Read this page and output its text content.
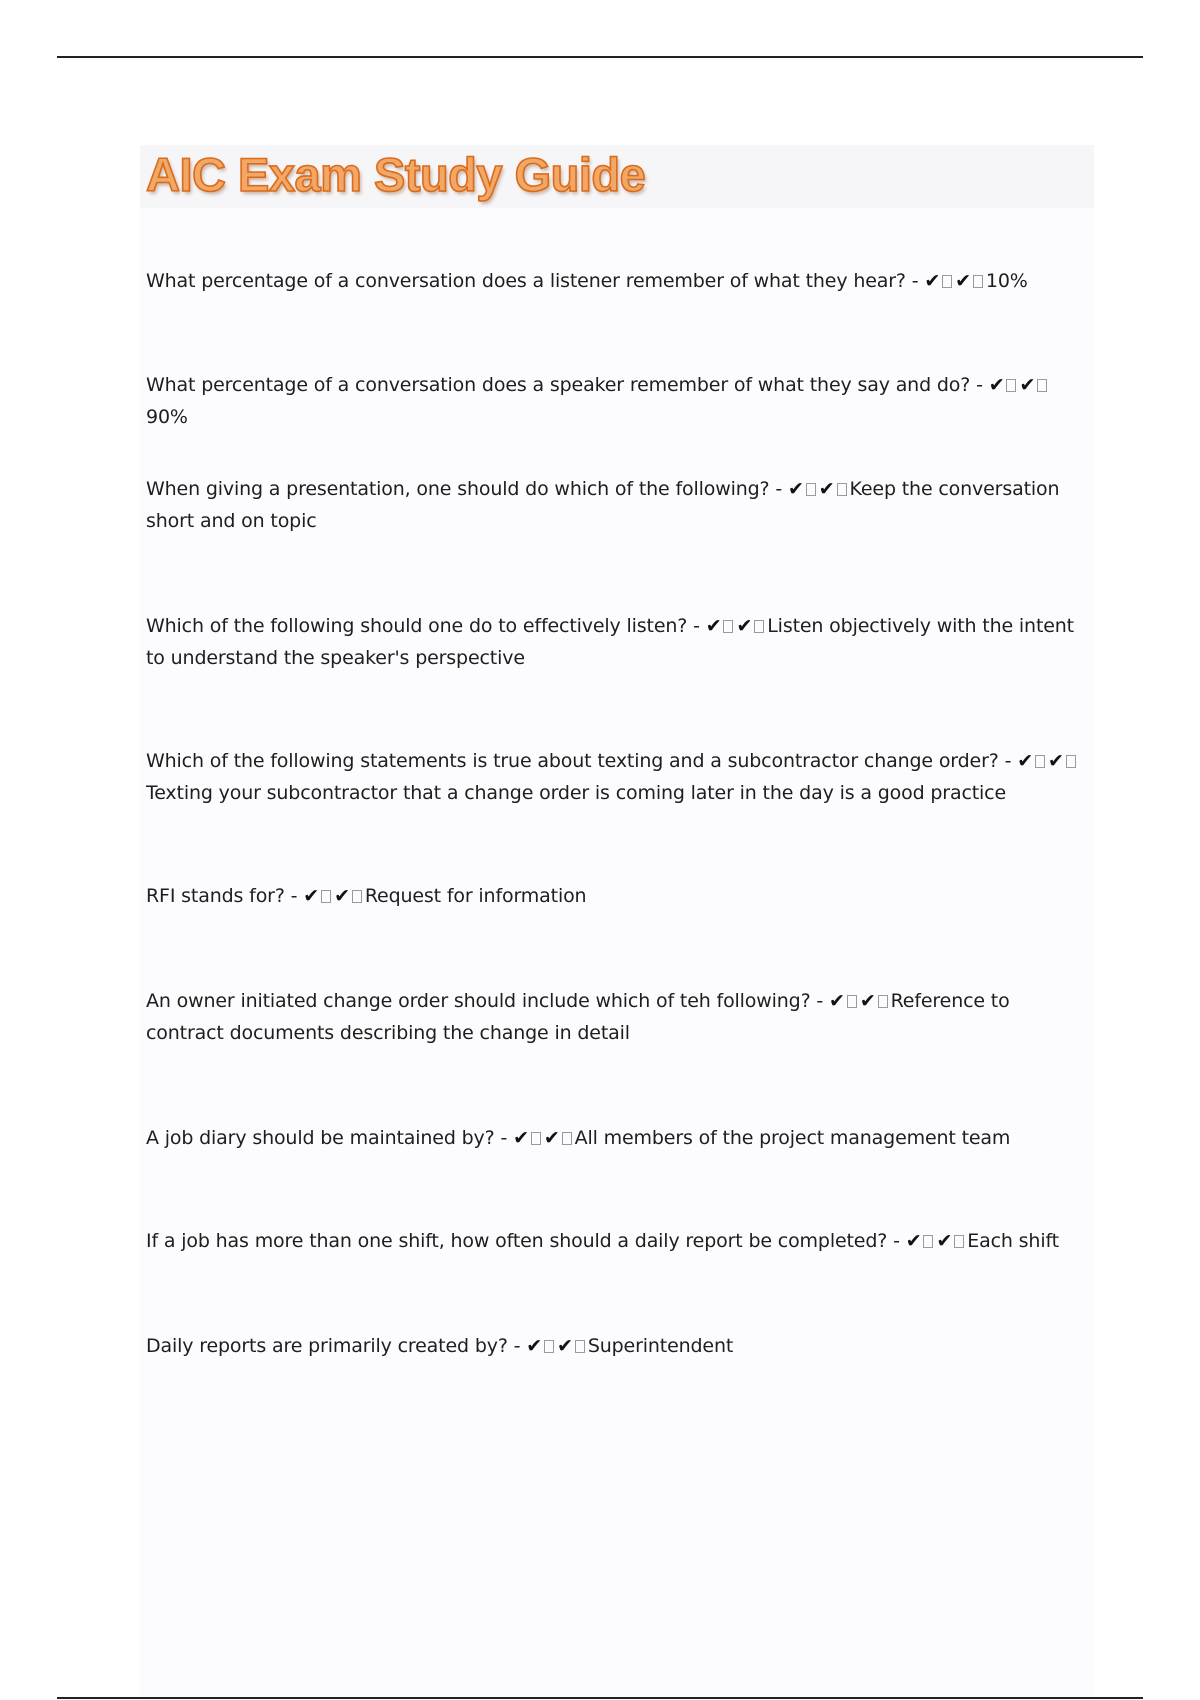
AIC Exam Study Guide

What percentage of a conversation does a listener remember of what they hear? - ✔ ✔ 10%

What percentage of a conversation does a speaker remember of what they say and do? - ✔ ✔90%

When giving a presentation, one should do which of the following? - ✔ ✔ Keep the conversation short and on topic

Which of the following should one do to effectively listen? - ✔ ✔ Listen objectively with the intent to understand the speaker's perspective

Which of the following statements is true about texting and a subcontractor change order? - ✔ ✔Texting your subcontractor that a change order is coming later in the day is a good practice

RFI stands for? - ✔ ✔ Request for information

An owner initiated change order should include which of teh following? - ✔ ✔ Reference to contract documents describing the change in detail

A job diary should be maintained by? - ✔ ✔ All members of the project management team

If a job has more than one shift, how often should a daily report be completed? - ✔ ✔ Each shift

Daily reports are primarily created by? - ✔ ✔ Superintendent
